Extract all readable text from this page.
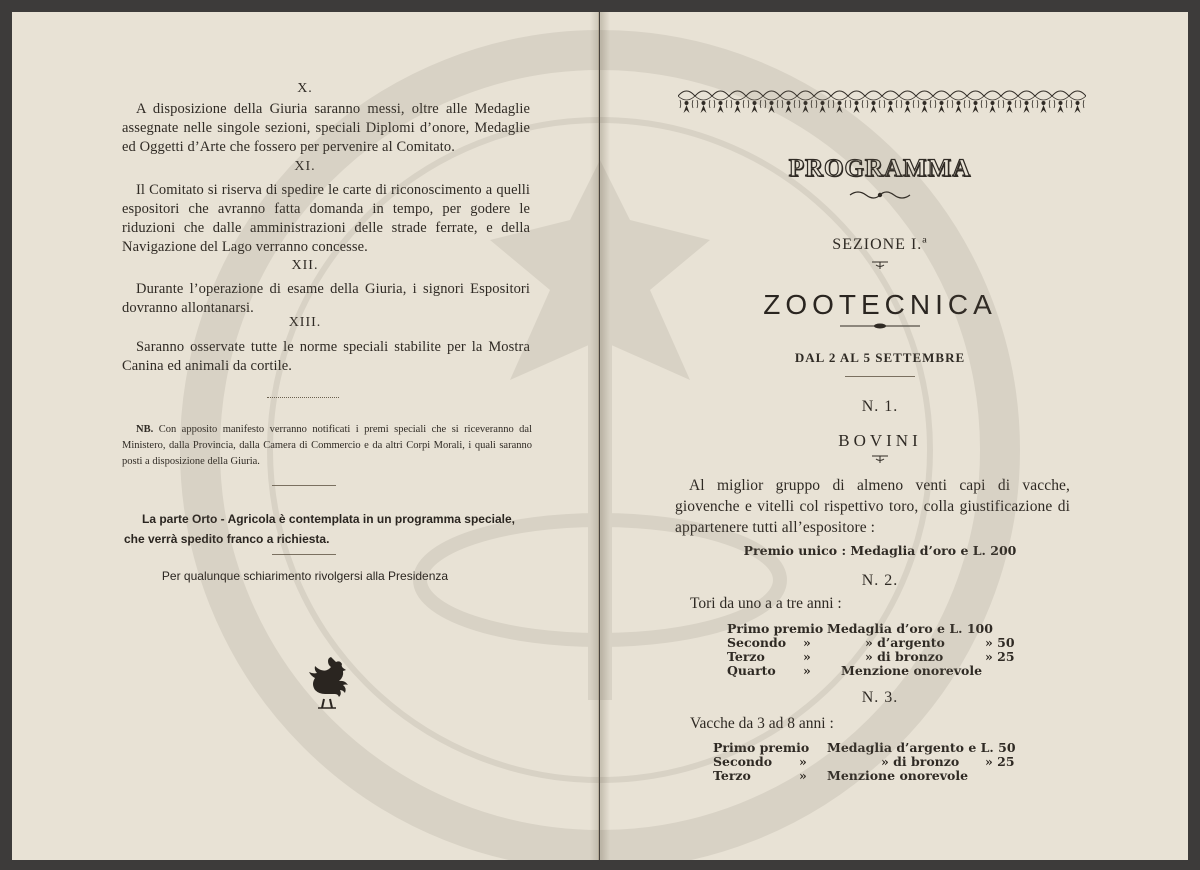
X.
A disposizione della Giuria saranno messi, oltre alle Medaglie assegnate nelle singole sezioni, speciali Diplomi d’onore, Medaglie ed Oggetti d’Arte che fossero per pervenire al Comitato.
XI.
Il Comitato si riserva di spedire le carte di riconoscimento a quelli espositori che avranno fatta domanda in tempo, per godere le riduzioni che dalle amministrazioni delle strade ferrate, e della Navigazione del Lago verranno concesse.
XII.
Durante l’operazione di esame della Giuria, i signori Espositori dovranno allontanarsi.
XIII.
Saranno osservate tutte le norme speciali stabilite per la Mostra Canina ed animali da cortile.
NB. Con apposito manifesto verranno notificati i premi speciali che si riceveranno dal Ministero, dalla Provincia, dalla Camera di Commercio e da altri Corpi Morali, i quali saranno posti a disposizione della Giuria.
La parte Orto - Agricola è contemplata in un programma speciale, che verrà spedito franco a richiesta.
Per qualunque schiarimento rivolgersi alla Presidenza
PROGRAMMA
SEZIONE I.ª
ZOOTECNICA
DAL 2 AL 5 SETTEMBRE
N. 1.
BOVINI
Al miglior gruppo di almeno venti capi di vacche, giovenche e vitelli col rispettivo toro, colla giustificazione di appartenere tutti all’espositore :
Premio unico : Medaglia d’oro e L. 200
N. 2.
Tori da uno a a tre anni :
Primo premio Medaglia d’oro e L. 100
Secondo »	» d’argento	» 50
Terzo	»	» di bronzo	» 25
Quarto » Menzione onorevole
N. 3.
Vacche da 3 ad 8 anni :
Primo premio Medaglia d’argento e L. 50
Secondo »	» di bronzo » 25
Terzo	» Menzione onorevole
